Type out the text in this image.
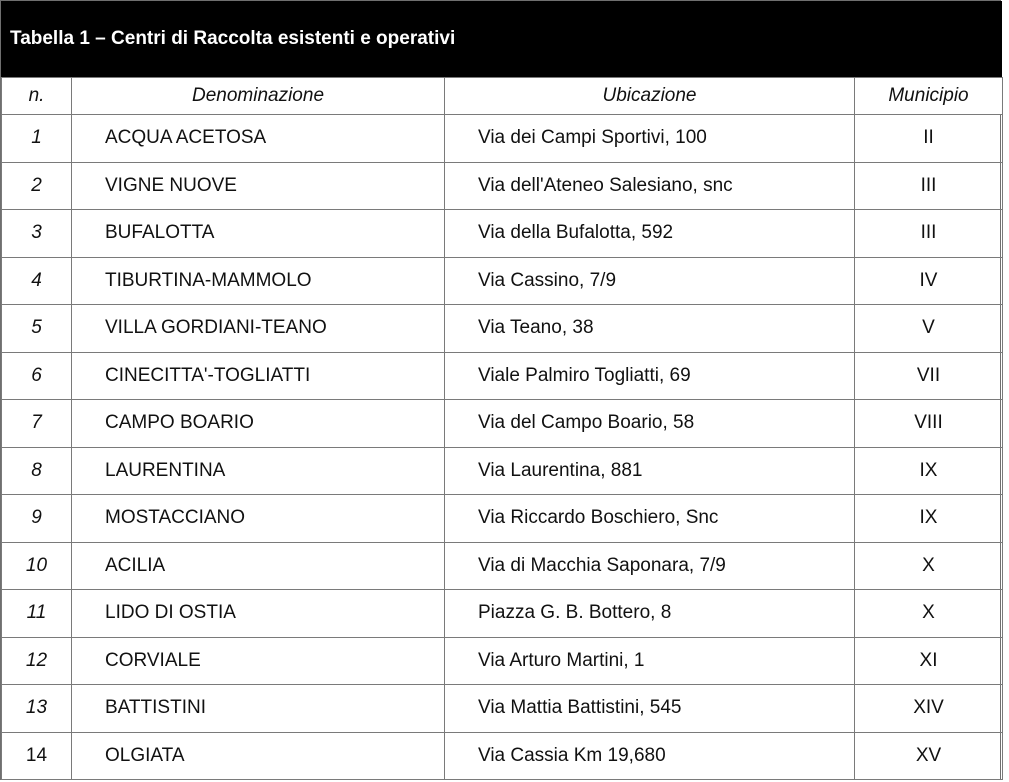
Tabella 1 – Centri di Raccolta esistenti e operativi
n.	Denominazione	Ubicazione	Municipio
1	ACQUA ACETOSA	Via dei Campi Sportivi, 100	II
2	VIGNE NUOVE	Via dell'Ateneo Salesiano, snc	III
3	BUFALOTTA	Via della Bufalotta, 592	III
4	TIBURTINA-MAMMOLO	Via Cassino, 7/9	IV
5	VILLA GORDIANI-TEANO	Via Teano, 38	V
6	CINECITTA'-TOGLIATTI	Viale Palmiro Togliatti, 69	VII
7	CAMPO BOARIO	Via del Campo Boario, 58	VIII
8	LAURENTINA	Via Laurentina, 881	IX
9	MOSTACCIANO	Via Riccardo Boschiero, Snc	IX
10	ACILIA	Via di Macchia Saponara, 7/9	X
11	LIDO DI OSTIA	Piazza G. B. Bottero, 8	X
12	CORVIALE	Via Arturo Martini, 1	XI
13	BATTISTINI	Via Mattia Battistini, 545	XIV
14	OLGIATA	Via Cassia Km 19,680	XV
